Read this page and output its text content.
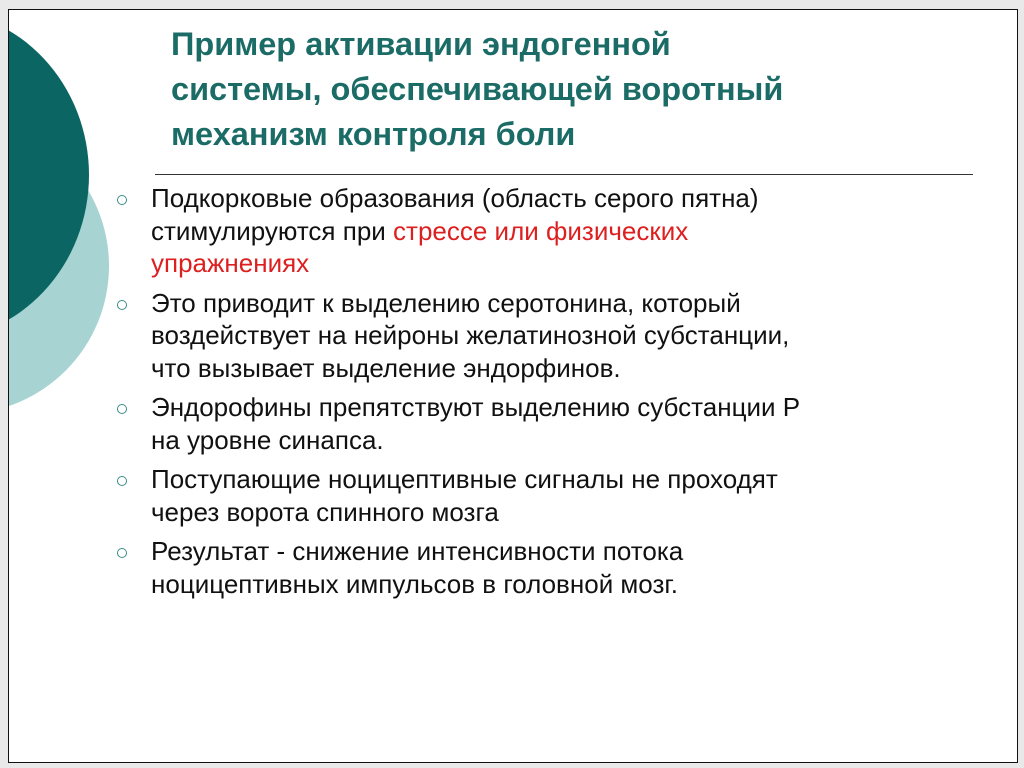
Пример активации эндогенной
системы, обеспечивающей воротный
механизм контроля боли
Подкорковые образования (область серого пятна)
стимулируются при стрессе или физических
упражнениях
Это приводит к выделению серотонина, который
воздействует на нейроны желатинозной субстанции,
что вызывает выделение эндорфинов.
Эндорофины препятствуют выделению субстанции Р
на уровне синапса.
Поступающие ноцицептивные сигналы не проходят
через ворота спинного мозга
Результат - снижение интенсивности потока
ноцицептивных импульсов в головной мозг.
